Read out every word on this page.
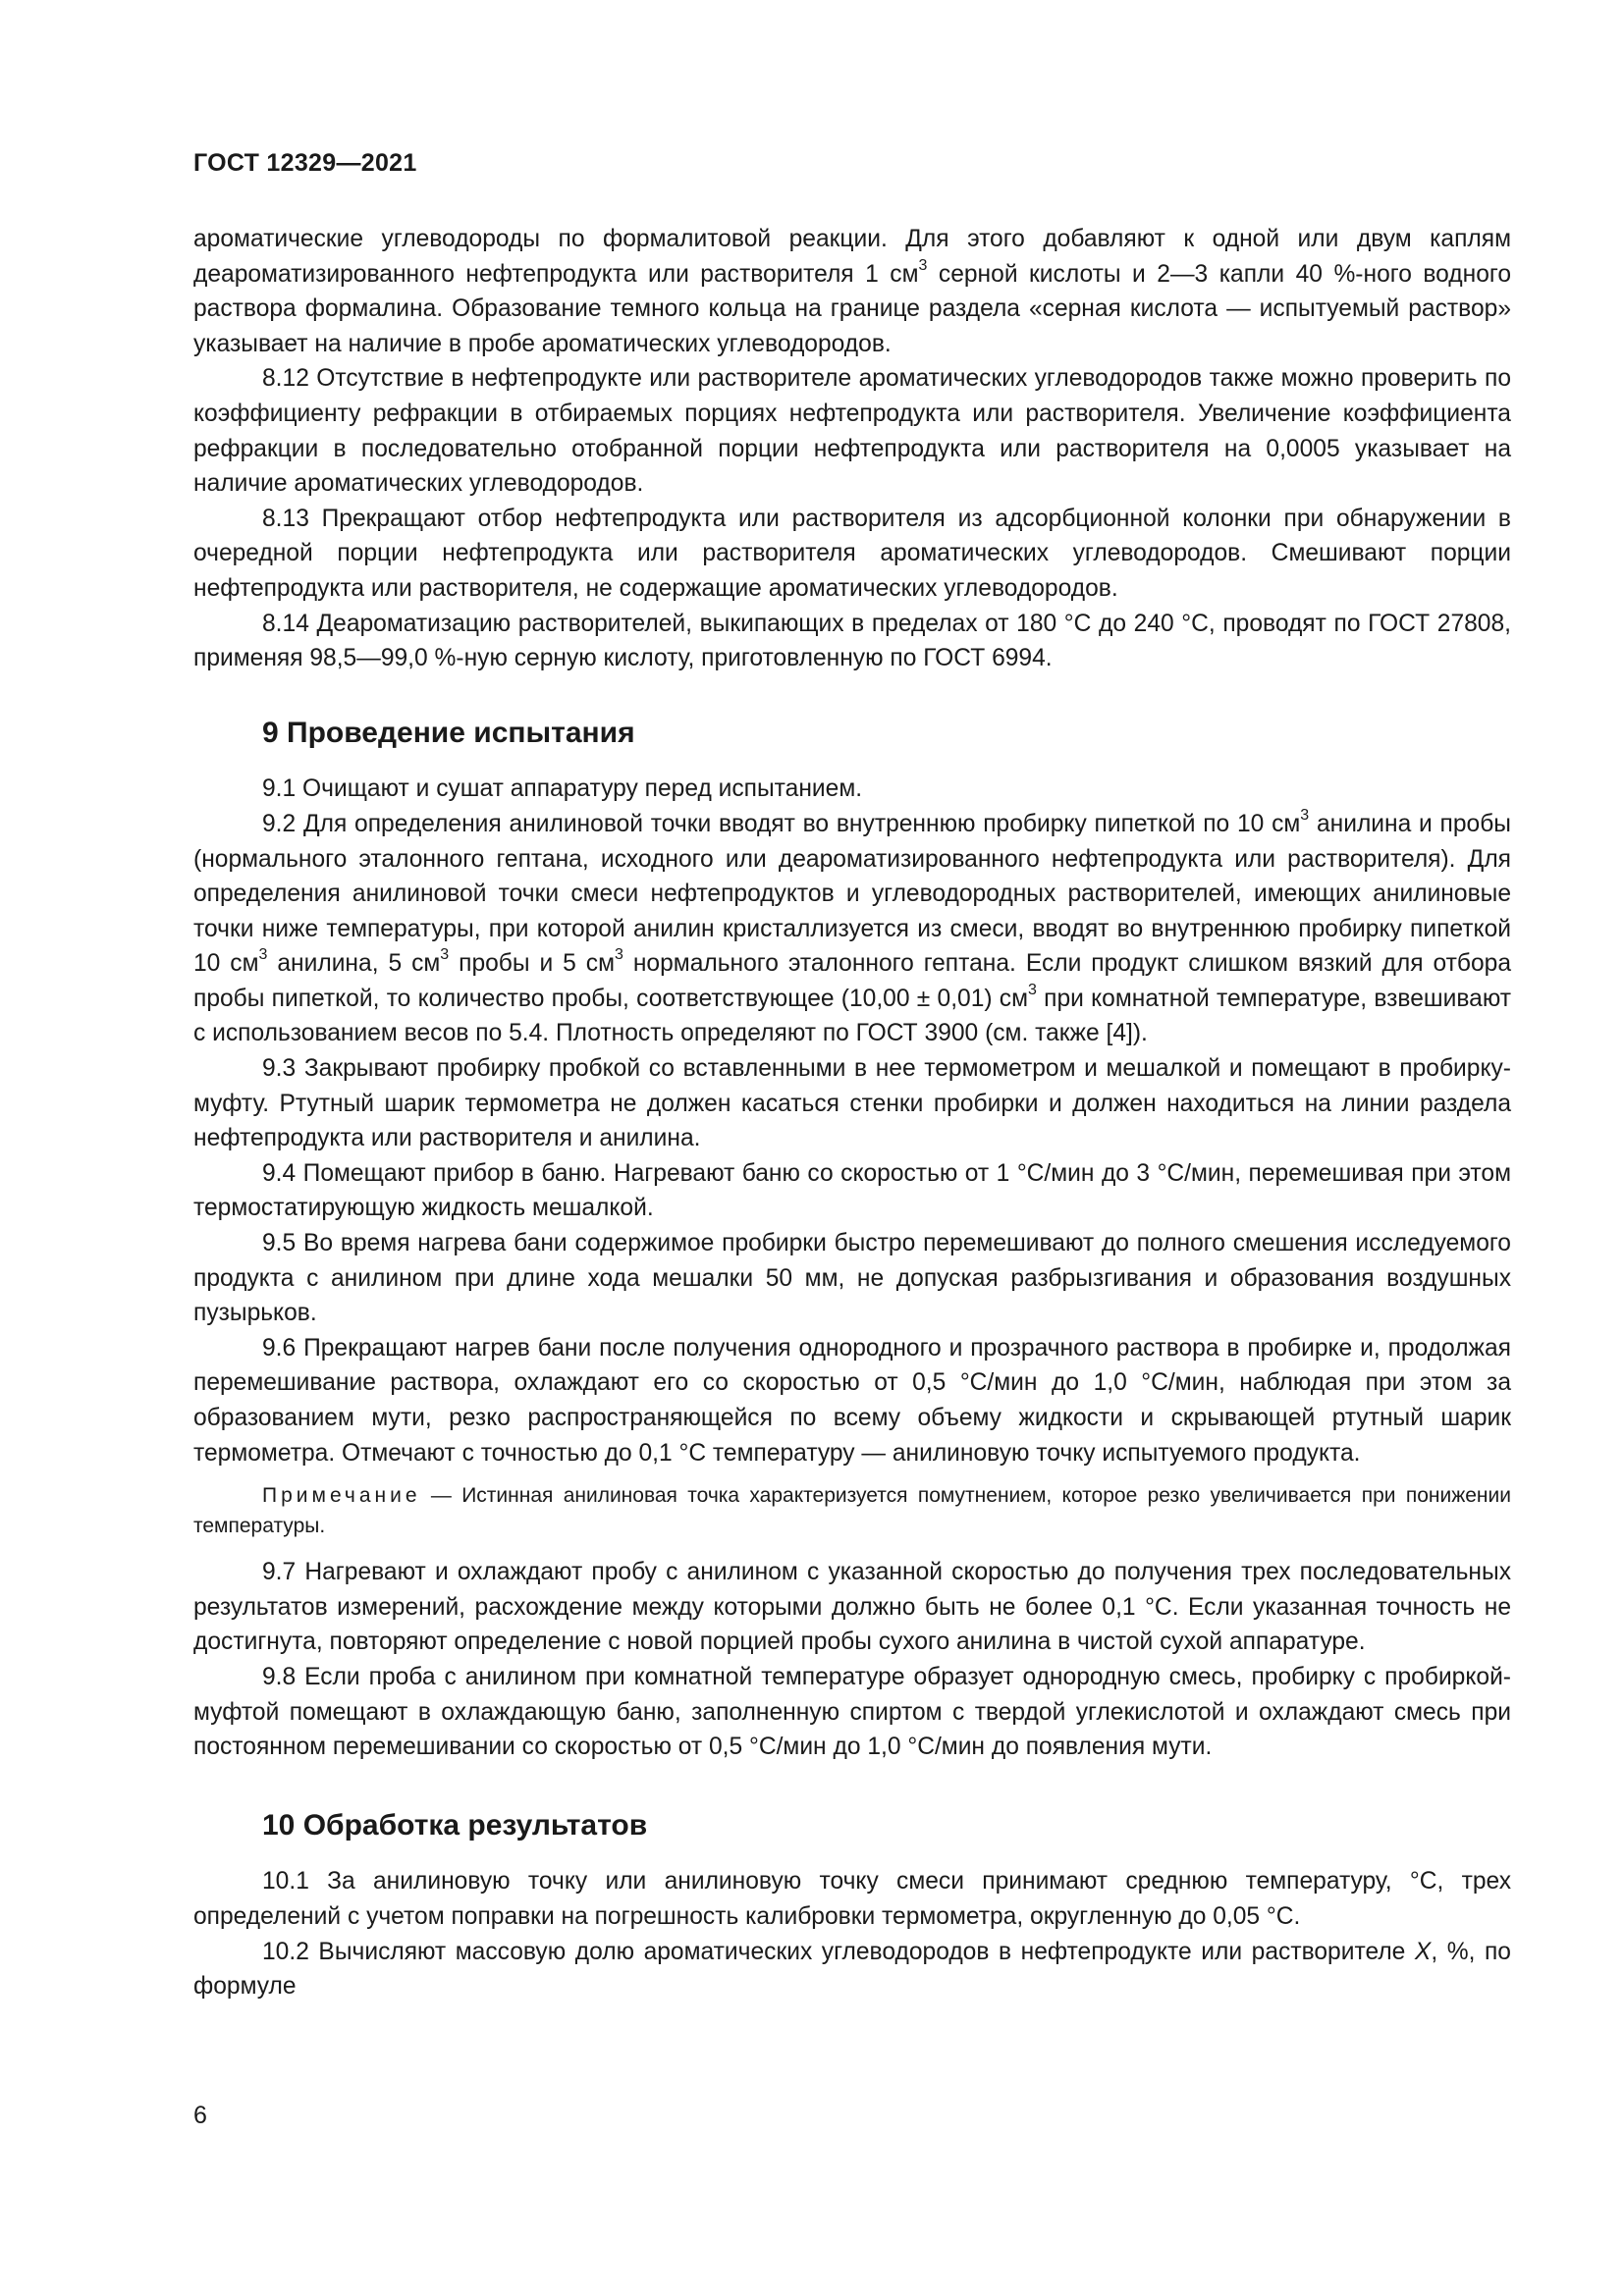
ГОСТ 12329—2021

ароматические углеводороды по формалитовой реакции. Для этого добавляют к одной или двум каплям деароматизированного нефтепродукта или растворителя 1 $см^3$ серной кислоты и 2—3 капли 40 %-ного водного раствора формалина. Образование темного кольца на границе раздела «серная кислота — испытуемый раствор» указывает на наличие в пробе ароматических углеводородов.

8.12 Отсутствие в нефтепродукте или растворителе ароматических углеводородов также можно проверить по коэффициенту рефракции в отбираемых порциях нефтепродукта или растворителя. Увеличение коэффициента рефракции в последовательно отобранной порции нефтепродукта или растворителя на 0,0005 указывает на наличие ароматических углеводородов.

8.13 Прекращают отбор нефтепродукта или растворителя из адсорбционной колонки при обнаружении в очередной порции нефтепродукта или растворителя ароматических углеводородов. Смешивают порции нефтепродукта или растворителя, не содержащие ароматических углеводородов.

8.14 Деароматизацию растворителей, выкипающих в пределах от 180 °С до 240 °С, проводят по ГОСТ 27808, применяя 98,5—99,0 %-ную серную кислоту, приготовленную по ГОСТ 6994.

9 Проведение испытания

9.1 Очищают и сушат аппаратуру перед испытанием.

9.2 Для определения анилиновой точки вводят во внутреннюю пробирку пипеткой по 10 $см^3$ анилина и пробы (нормального эталонного гептана, исходного или деароматизированного нефтепродукта или растворителя). Для определения анилиновой точки смеси нефтепродуктов и углеводородных растворителей, имеющих анилиновые точки ниже температуры, при которой анилин кристаллизуется из смеси, вводят во внутреннюю пробирку пипеткой 10 $см^3$ анилина, 5 $см^3$ пробы и 5 $см^3$ нормального эталонного гептана. Если продукт слишком вязкий для отбора пробы пипеткой, то количество пробы, соответствующее (10,00 ± 0,01) $см^3$ при комнатной температуре, взвешивают с использованием весов по 5.4. Плотность определяют по ГОСТ 3900 (см. также [4]).

9.3 Закрывают пробирку пробкой со вставленными в нее термометром и мешалкой и помещают в пробирку-муфту. Ртутный шарик термометра не должен касаться стенки пробирки и должен находиться на линии раздела нефтепродукта или растворителя и анилина.

9.4 Помещают прибор в баню. Нагревают баню со скоростью от 1 °С/мин до 3 °С/мин, перемешивая при этом термостатирующую жидкость мешалкой.

9.5 Во время нагрева бани содержимое пробирки быстро перемешивают до полного смешения исследуемого продукта с анилином при длине хода мешалки 50 мм, не допуская разбрызгивания и образования воздушных пузырьков.

9.6 Прекращают нагрев бани после получения однородного и прозрачного раствора в пробирке и, продолжая перемешивание раствора, охлаждают его со скоростью от 0,5 °С/мин до 1,0 °С/мин, наблюдая при этом за образованием мути, резко распространяющейся по всему объему жидкости и скрывающей ртутный шарик термометра. Отмечают с точностью до 0,1 °С температуру — анилиновую точку испытуемого продукта.

Примечание — Истинная анилиновая точка характеризуется помутнением, которое резко увеличивается при понижении температуры.

9.7 Нагревают и охлаждают пробу с анилином с указанной скоростью до получения трех последовательных результатов измерений, расхождение между которыми должно быть не более 0,1 °С. Если указанная точность не достигнута, повторяют определение с новой порцией пробы сухого анилина в чистой сухой аппаратуре.

9.8 Если проба с анилином при комнатной температуре образует однородную смесь, пробирку с пробиркой-муфтой помещают в охлаждающую баню, заполненную спиртом с твердой углекислотой и охлаждают смесь при постоянном перемешивании со скоростью от 0,5 °С/мин до 1,0 °С/мин до появления мути.

10 Обработка результатов

10.1 За анилиновую точку или анилиновую точку смеси принимают среднюю температуру, °С, трех определений с учетом поправки на погрешность калибровки термометра, округленную до 0,05 °С.

10.2 Вычисляют массовую долю ароматических углеводородов в нефтепродукте или растворителе X, %, по формуле

6
